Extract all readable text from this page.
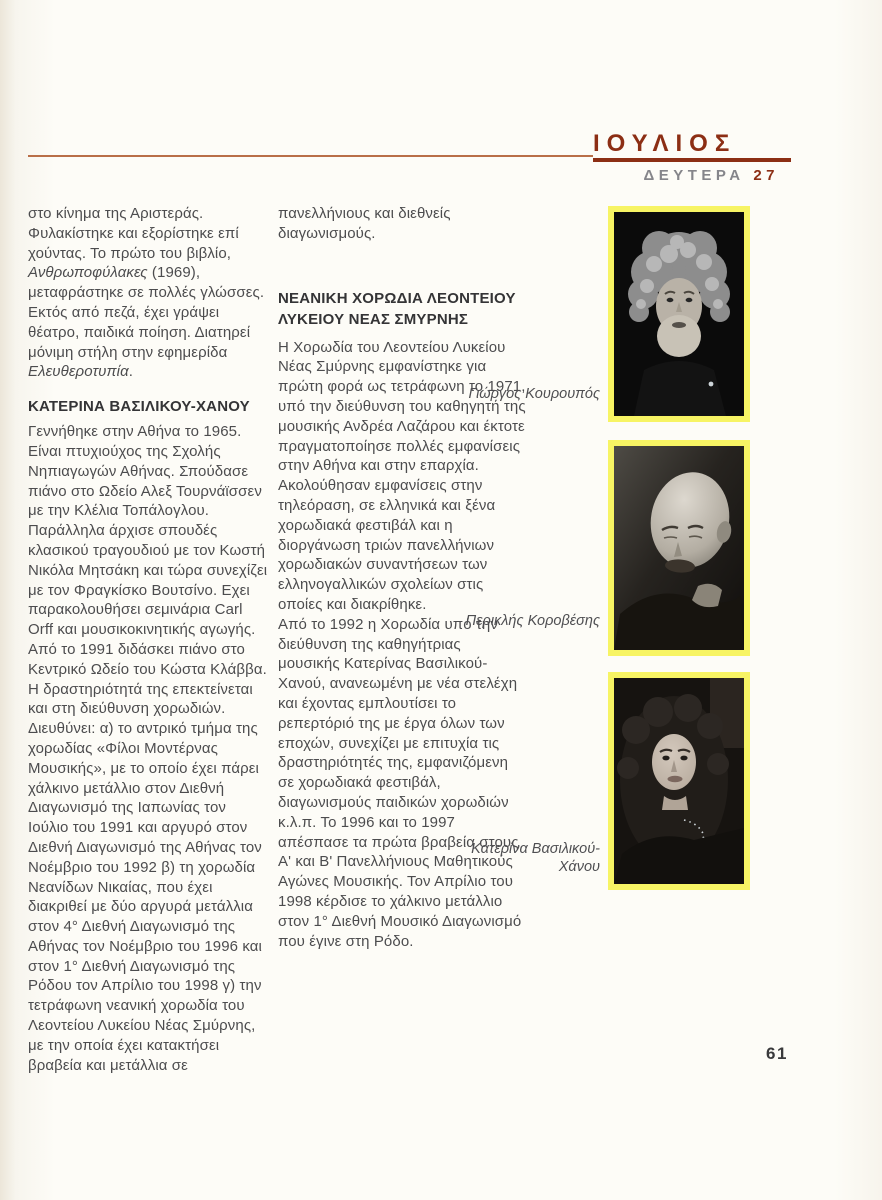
ΙΟΥΛΙΟΣ
ΔΕΥΤΕΡΑ 27

στο κίνημα της Αριστεράς. Φυλακίστηκε και εξορίστηκε επί χούντας. Το πρώτο του βιβλίο, Ανθρωποφύλακες (1969), μεταφράστηκε σε πολλές γλώσσες. Εκτός από πεζά, έχει γράψει θέατρο, παιδικά ποίηση. Διατηρεί μόνιμη στήλη στην εφημερίδα Ελευθεροτυπία.

ΚΑΤΕΡΙΝΑ ΒΑΣΙΛΙΚΟΥ-ΧΑΝΟΥ

Γεννήθηκε στην Αθήνα το 1965. Είναι πτυχιούχος της Σχολής Νηπιαγωγών Αθήνας. Σπούδασε πιάνο στο Ωδείο Αλεξ Τουρνάϊσσεν με την Κλέλια Τοπάλογλου. Παράλληλα άρχισε σπουδές κλασικού τραγουδιού με τον Κωστή Νικόλα Μητσάκη και τώρα συνεχίζει με τον Φραγκίσκο Βουτσίνο. Εχει παρακολουθήσει σεμινάρια Carl Orff και μουσικοκινητικής αγωγής. Από το 1991 διδάσκει πιάνο στο Κεντρικό Ωδείο του Κώστα Κλάββα. Η δραστηριότητά της επεκτείνεται και στη διεύθυνση χορωδιών. Διευθύνει: α) το αντρικό τμήμα της χορωδίας «Φίλοι Μοντέρνας Μουσικής», με το οποίο έχει πάρει χάλκινο μετάλλιο στον Διεθνή Διαγωνισμό της Ιαπωνίας τον Ιούλιο του 1991 και αργυρό στον Διεθνή Διαγωνισμό της Αθήνας τον Νοέμβριο του 1992 β) τη χορωδία Νεανίδων Νικαίας, που έχει διακριθεί με δύο αργυρά μετάλλια στον 4° Διεθνή Διαγωνισμό της Αθήνας τον Νοέμβριο του 1996 και στον 1° Διεθνή Διαγωνισμό της Ρόδου τον Απρίλιο του 1998 γ) την τετράφωνη νεανική χορωδία του Λεοντείου Λυκείου Νέας Σμύρνης, με την οποία έχει κατακτήσει βραβεία και μετάλλια σε

πανελλήνιους και διεθνείς διαγωνισμούς.

ΝΕΑΝΙΚΗ ΧΟΡΩΔΙΑ ΛΕΟΝΤΕΙΟΥ ΛΥΚΕΙΟΥ ΝΕΑΣ ΣΜΥΡΝΗΣ

Η Χορωδία του Λεοντείου Λυκείου Νέας Σμύρνης εμφανίστηκε για πρώτη φορά ως τετράφωνη το 1971, υπό την διεύθυνση του καθηγητή της μουσικής Ανδρέα Λαζάρου και έκτοτε πραγματοποίησε πολλές εμφανίσεις στην Αθήνα και στην επαρχία. Ακολούθησαν εμφανίσεις στην τηλεόραση, σε ελληνικά και ξένα χορωδιακά φεστιβάλ και η διοργάνωση τριών πανελλήνιων χορωδιακών συναντήσεων των ελληνογαλλικών σχολείων στις οποίες και διακρίθηκε.

Από το 1992 η Χορωδία υπό την διεύθυνση της καθηγήτριας μουσικής Κατερίνας Βασιλικού-Χανού, ανανεωμένη με νέα στελέχη και έχοντας εμπλουτίσει το ρεπερτόριό της με έργα όλων των εποχών, συνεχίζει με επιτυχία τις δραστηριότητές της, εμφανιζόμενη σε χορωδιακά φεστιβάλ, διαγωνισμούς παιδικών χορωδιών κ.λ.π. Το 1996 και το 1997 απέσπασε τα πρώτα βραβεία στους Α' και Β' Πανελλήνιους Μαθητικούς Αγώνες Μουσικής. Τον Απρίλιο του 1998 κέρδισε το χάλκινο μετάλλιο στον 1° Διεθνή Μουσικό Διαγωνισμό που έγινε στη Ρόδο.

Γιώργος Κουρουπός
Περικλής Κοροβέσης
Κατερίνα Βασιλικού-Χάνου
61
